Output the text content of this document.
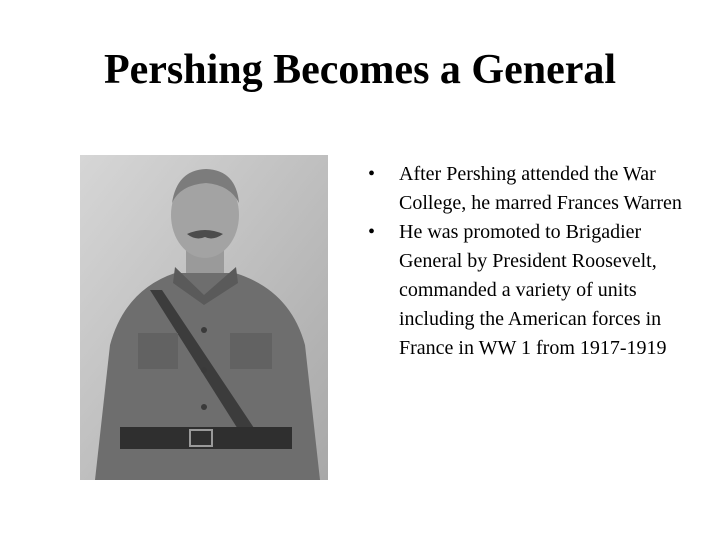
Pershing Becomes a General
• After Pershing attended the War College, he marred Frances Warren
• He was promoted to Brigadier General by President Roosevelt, commanded a variety of units including the American forces in France in WW 1 from 1917-1919
